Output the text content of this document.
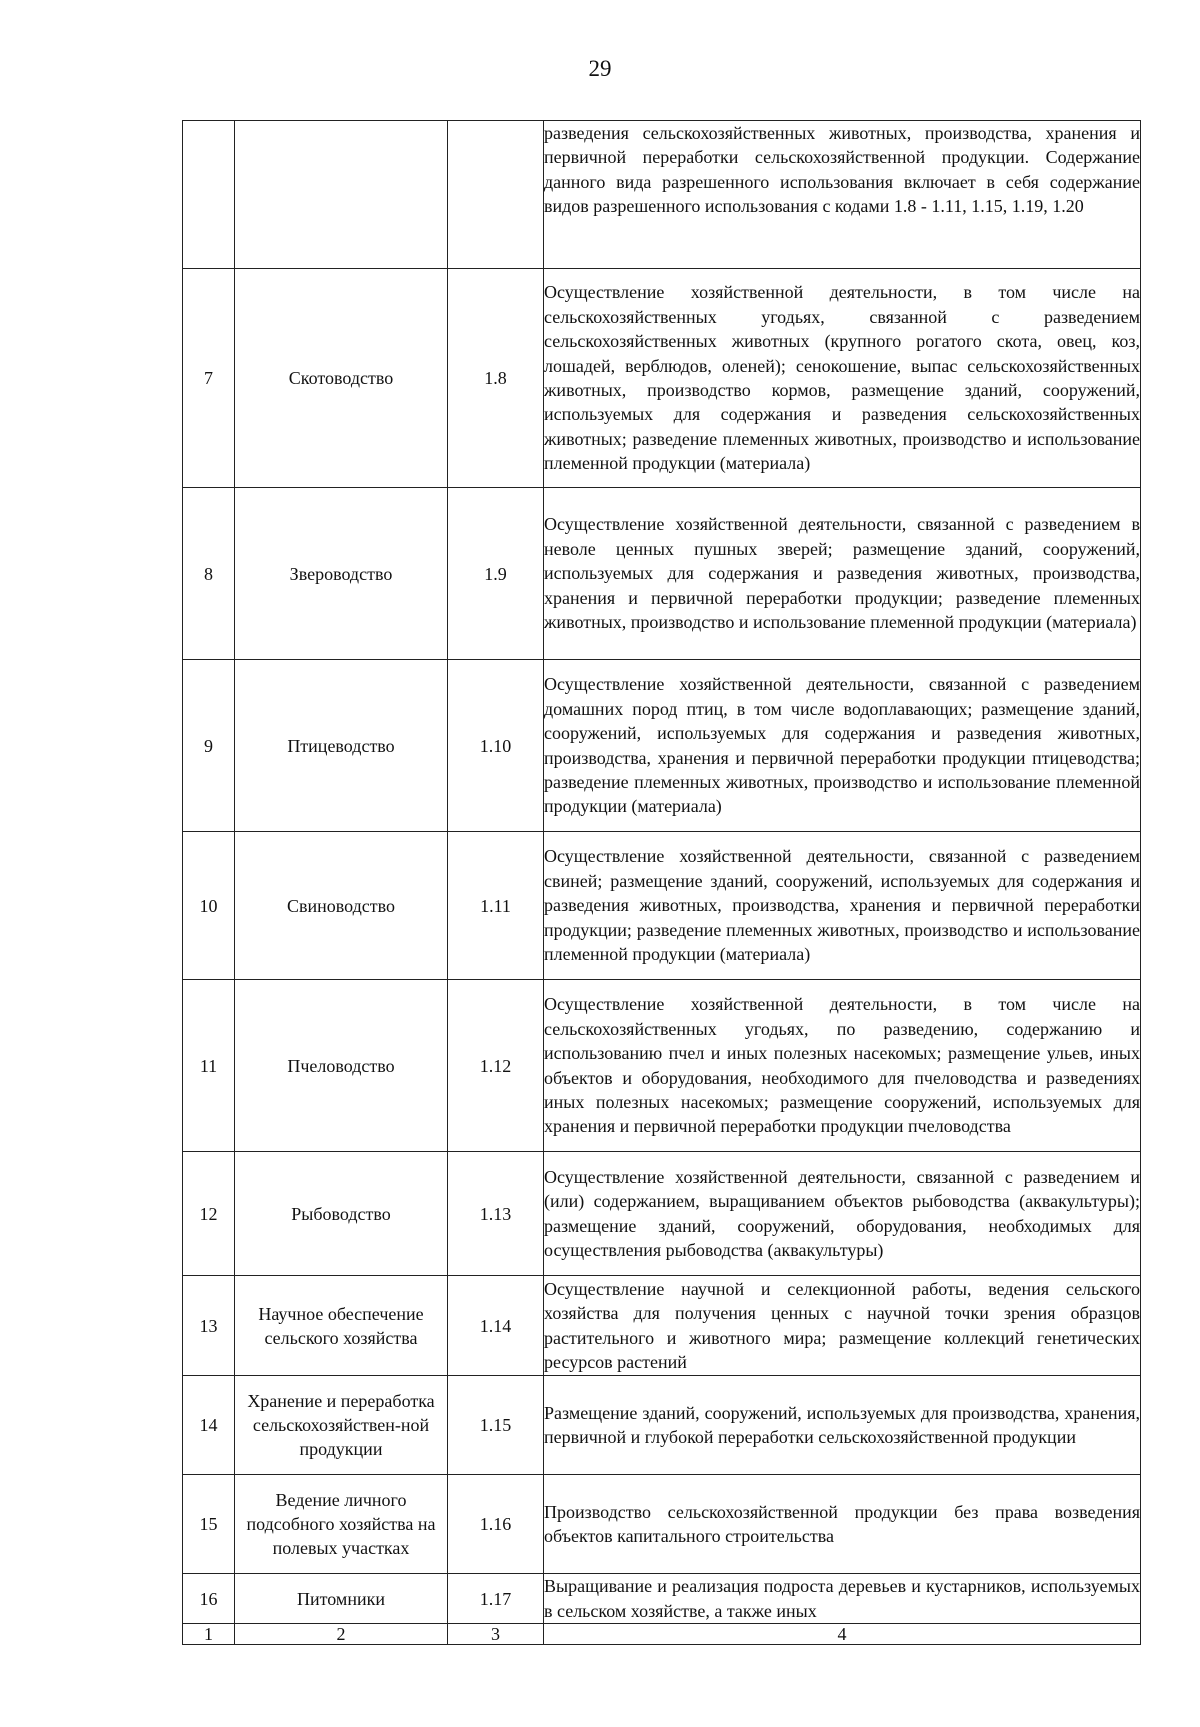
29
			разведения сельскохозяйственных животных, производства, хранения и первичной переработки сельскохозяйственной продукции. Содержание данного вида разрешенного использования включает в себя содержание видов разрешенного использования с кодами 1.8 - 1.11, 1.15, 1.19, 1.20
7	Скотоводство	1.8	Осуществление хозяйственной деятельности, в том числе на сельскохозяйственных угодьях, связанной с разведением сельскохозяйственных животных (крупного рогатого скота, овец, коз, лошадей, верблюдов, оленей); сенокошение, выпас сельскохозяйственных животных, производство кормов, размещение зданий, сооружений, используемых для содержания и разведения сельскохозяйственных животных; разведение племенных животных, производство и использование племенной продукции (материала)
8	Звероводство	1.9	Осуществление хозяйственной деятельности, связанной с разведением в неволе ценных пушных зверей; размещение зданий, сооружений, используемых для содержания и разведения животных, производства, хранения и первичной переработки продукции; разведение племенных животных, производство и использование племенной продукции (материала)
9	Птицеводство	1.10	Осуществление хозяйственной деятельности, связанной с разведением домашних пород птиц, в том числе водоплавающих; размещение зданий, сооружений, используемых для содержания и разведения животных, производства, хранения и первичной переработки продукции птицеводства; разведение племенных животных, производство и использование племенной продукции (материала)
10	Свиноводство	1.11	Осуществление хозяйственной деятельности, связанной с разведением свиней; размещение зданий, сооружений, используемых для содержания и разведения животных, производства, хранения и первичной переработки продукции; разведение племенных животных, производство и использование племенной продукции (материала)
11	Пчеловодство	1.12	Осуществление хозяйственной деятельности, в том числе на сельскохозяйственных угодьях, по разведению, содержанию и использованию пчел и иных полезных насекомых; размещение ульев, иных объектов и оборудования, необходимого для пчеловодства и разведениях иных полезных насекомых; размещение сооружений, используемых для хранения и первичной переработки продукции пчеловодства
12	Рыбоводство	1.13	Осуществление хозяйственной деятельности, связанной с разведением и (или) содержанием, выращиванием объектов рыбоводства (аквакультуры); размещение зданий, сооружений, оборудования, необходимых для осуществления рыбоводства (аквакультуры)
13	Научное обеспечение сельского хозяйства	1.14	Осуществление научной и селекционной работы, ведения сельского хозяйства для получения ценных с научной точки зрения образцов растительного и животного мира; размещение коллекций генетических ресурсов растений
14	Хранение и переработка сельскохозяйствен-ной продукции	1.15	Размещение зданий, сооружений, используемых для производства, хранения, первичной и глубокой переработки сельскохозяйственной продукции
15	Ведение личного подсобного хозяйства на полевых участках	1.16	Производство сельскохозяйственной продукции без права возведения объектов капитального строительства
16	Питомники	1.17	Выращивание и реализация подроста деревьев и кустарников, используемых в сельском хозяйстве, а также иных
1	2	3	4
